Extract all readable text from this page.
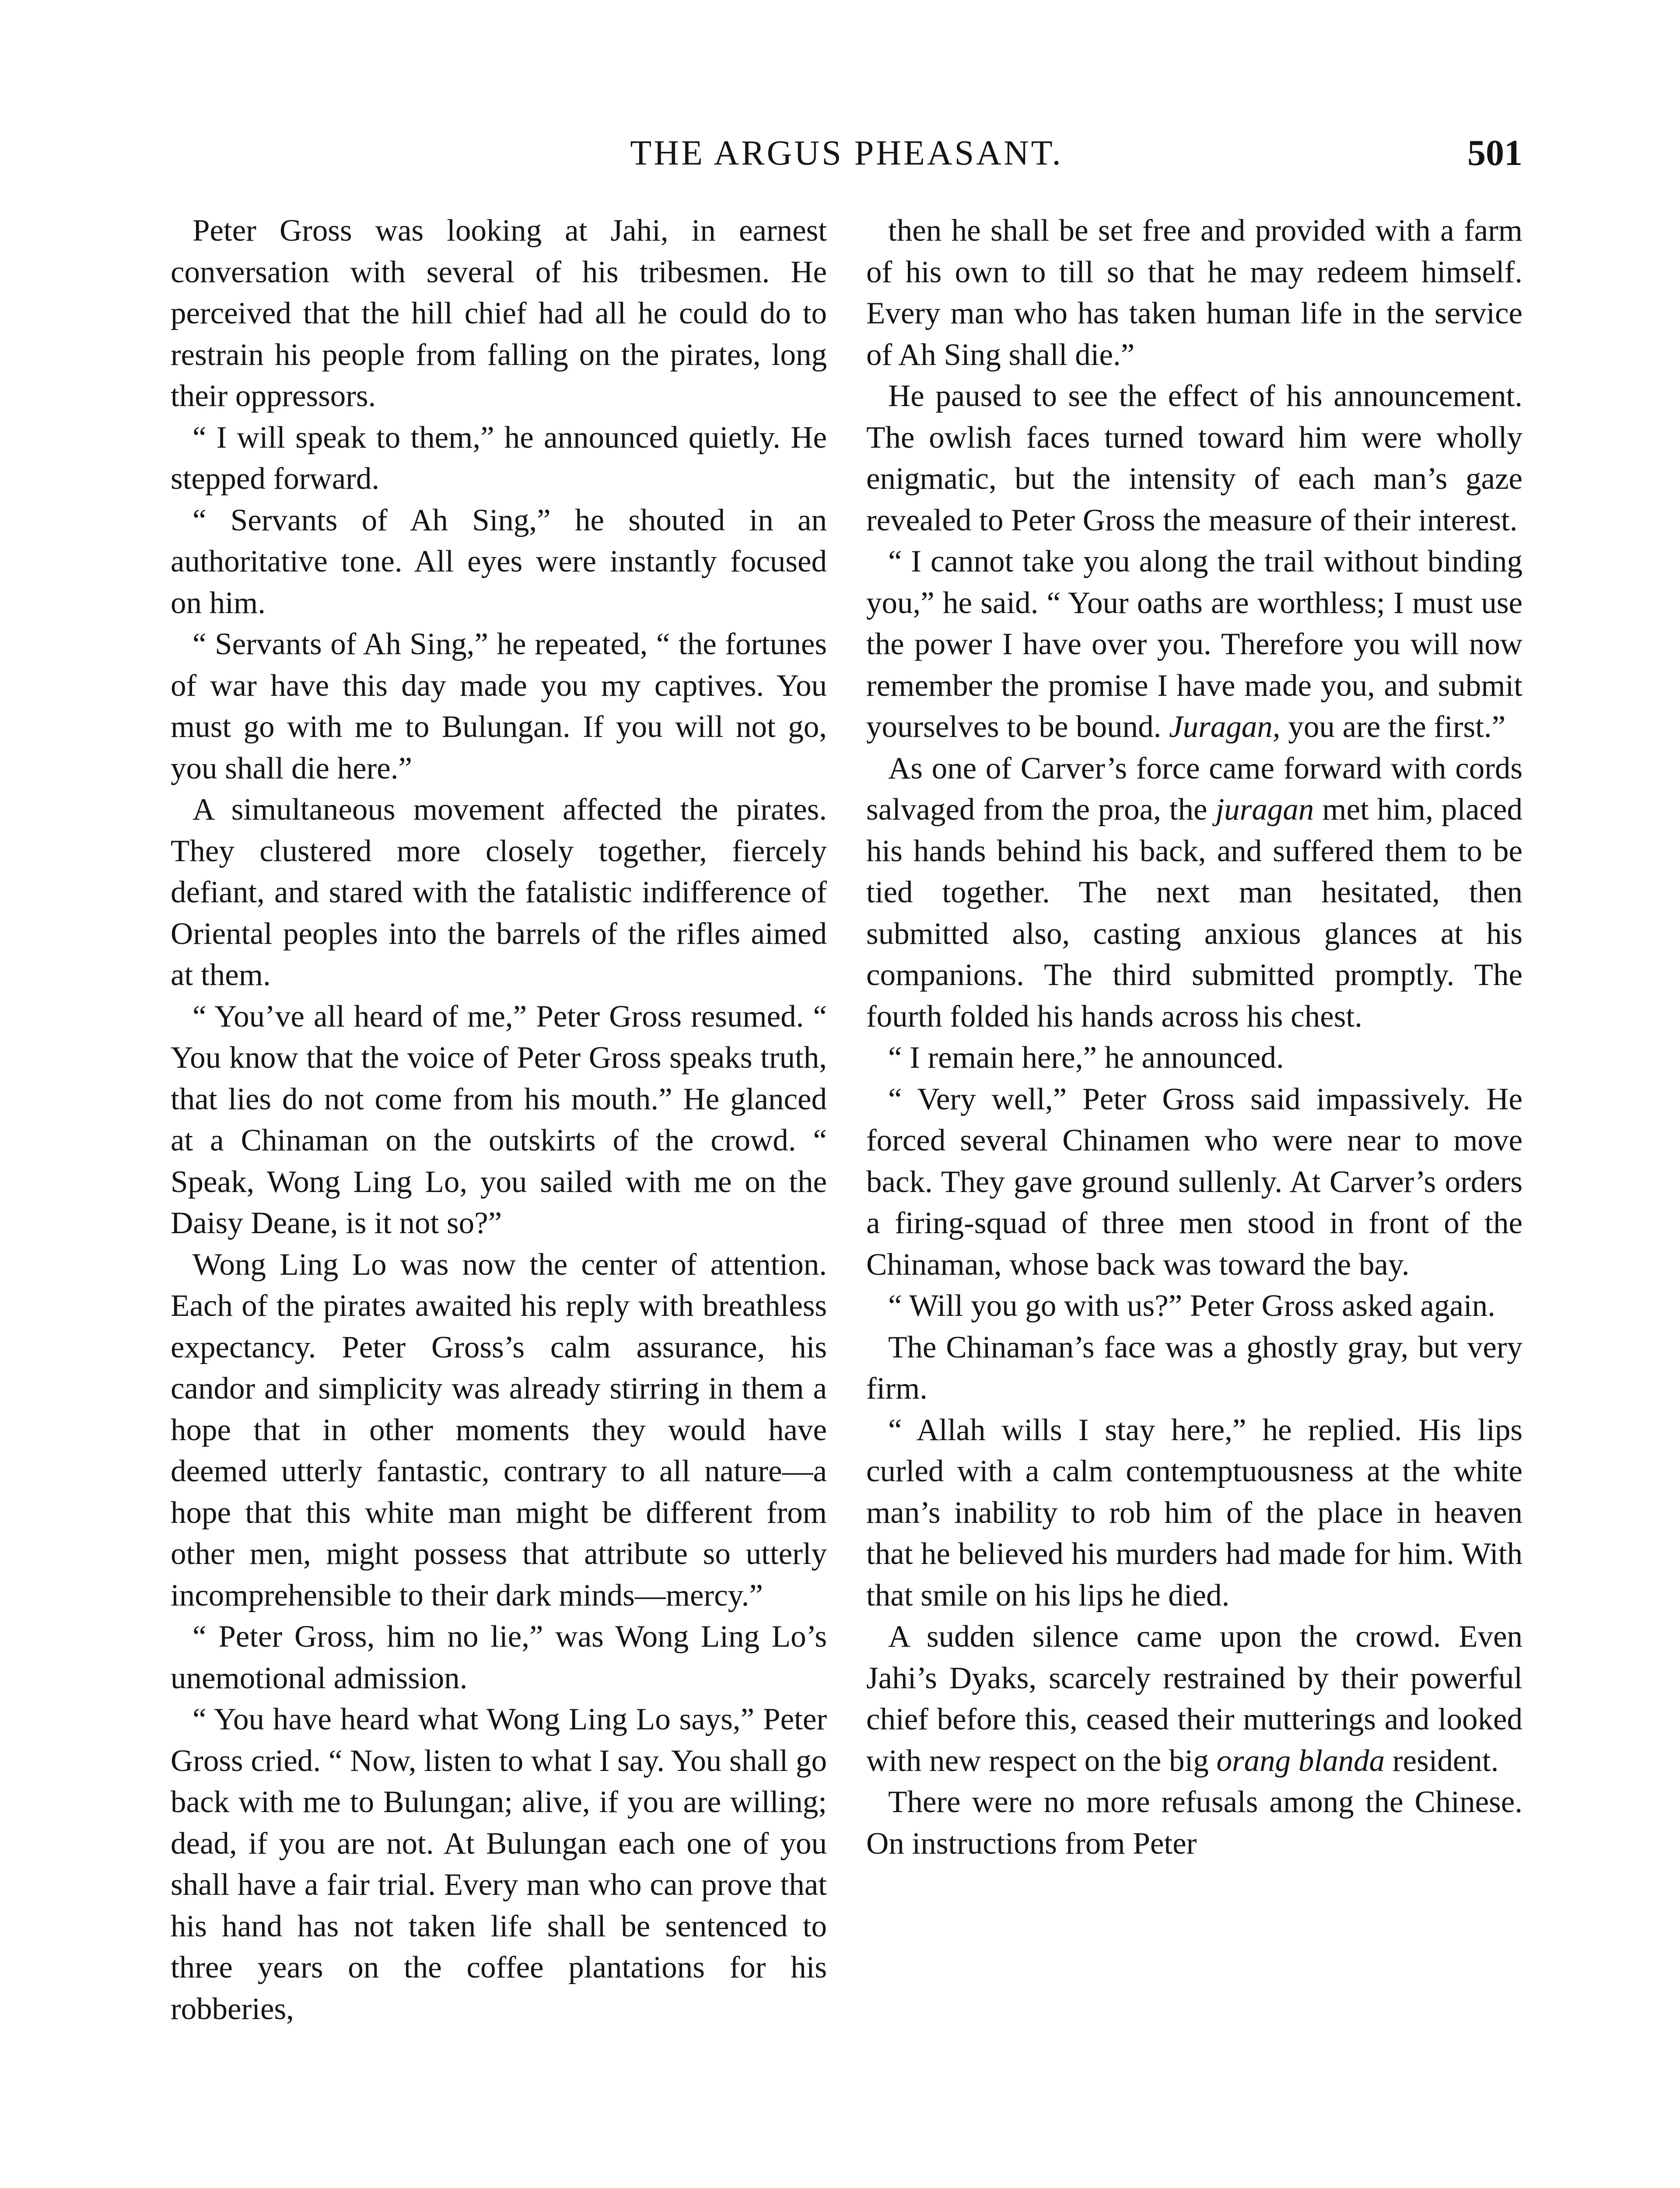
THE ARGUS PHEASANT.	501

Peter Gross was looking at Jahi, in earnest conversation with several of his tribesmen. He perceived that the hill chief had all he could do to restrain his people from falling on the pirates, long their oppressors.

“ I will speak to them,” he announced quietly. He stepped forward.

“ Servants of Ah Sing,” he shouted in an authoritative tone. All eyes were instantly focused on him.

“ Servants of Ah Sing,” he repeated, “ the fortunes of war have this day made you my captives. You must go with me to Bulungan. If you will not go, you shall die here.”

A simultaneous movement affected the pirates. They clustered more closely together, fiercely defiant, and stared with the fatalistic indifference of Oriental peoples into the barrels of the rifles aimed at them.

“ You’ve all heard of me,” Peter Gross resumed. “ You know that the voice of Peter Gross speaks truth, that lies do not come from his mouth.” He glanced at a Chinaman on the outskirts of the crowd. “ Speak, Wong Ling Lo, you sailed with me on the Daisy Deane, is it not so?”

Wong Ling Lo was now the center of attention. Each of the pirates awaited his reply with breathless expectancy. Peter Gross’s calm assurance, his candor and simplicity was already stirring in them a hope that in other moments they would have deemed utterly fantastic, contrary to all nature—a hope that this white man might be different from other men, might possess that attribute so utterly incomprehensible to their dark minds—mercy.”

“ Peter Gross, him no lie,” was Wong Ling Lo’s unemotional admission.

“ You have heard what Wong Ling Lo says,” Peter Gross cried. “ Now, listen to what I say. You shall go back with me to Bulungan; alive, if you are willing; dead, if you are not. At Bulungan each one of you shall have a fair trial. Every man who can prove that his hand has not taken life shall be sentenced to three years on the coffee plantations for his robberies,

then he shall be set free and provided with a farm of his own to till so that he may redeem himself. Every man who has taken human life in the service of Ah Sing shall die.”

He paused to see the effect of his announcement. The owlish faces turned toward him were wholly enigmatic, but the intensity of each man’s gaze revealed to Peter Gross the measure of their interest.

“ I cannot take you along the trail without binding you,” he said. “ Your oaths are worthless; I must use the power I have over you. Therefore you will now remember the promise I have made you, and submit yourselves to be bound. Juragan, you are the first.”

As one of Carver’s force came forward with cords salvaged from the proa, the juragan met him, placed his hands behind his back, and suffered them to be tied together. The next man hesitated, then submitted also, casting anxious glances at his companions. The third submitted promptly. The fourth folded his hands across his chest.

“ I remain here,” he announced.

“ Very well,” Peter Gross said impassively. He forced several Chinamen who were near to move back. They gave ground sullenly. At Carver’s orders a firing-squad of three men stood in front of the Chinaman, whose back was toward the bay.

“ Will you go with us?” Peter Gross asked again.

The Chinaman’s face was a ghostly gray, but very firm.

“ Allah wills I stay here,” he replied. His lips curled with a calm contemptuousness at the white man’s inability to rob him of the place in heaven that he believed his murders had made for him. With that smile on his lips he died.

A sudden silence came upon the crowd. Even Jahi’s Dyaks, scarcely restrained by their powerful chief before this, ceased their mutterings and looked with new respect on the big orang blanda resident.

There were no more refusals among the Chinese. On instructions from Peter
